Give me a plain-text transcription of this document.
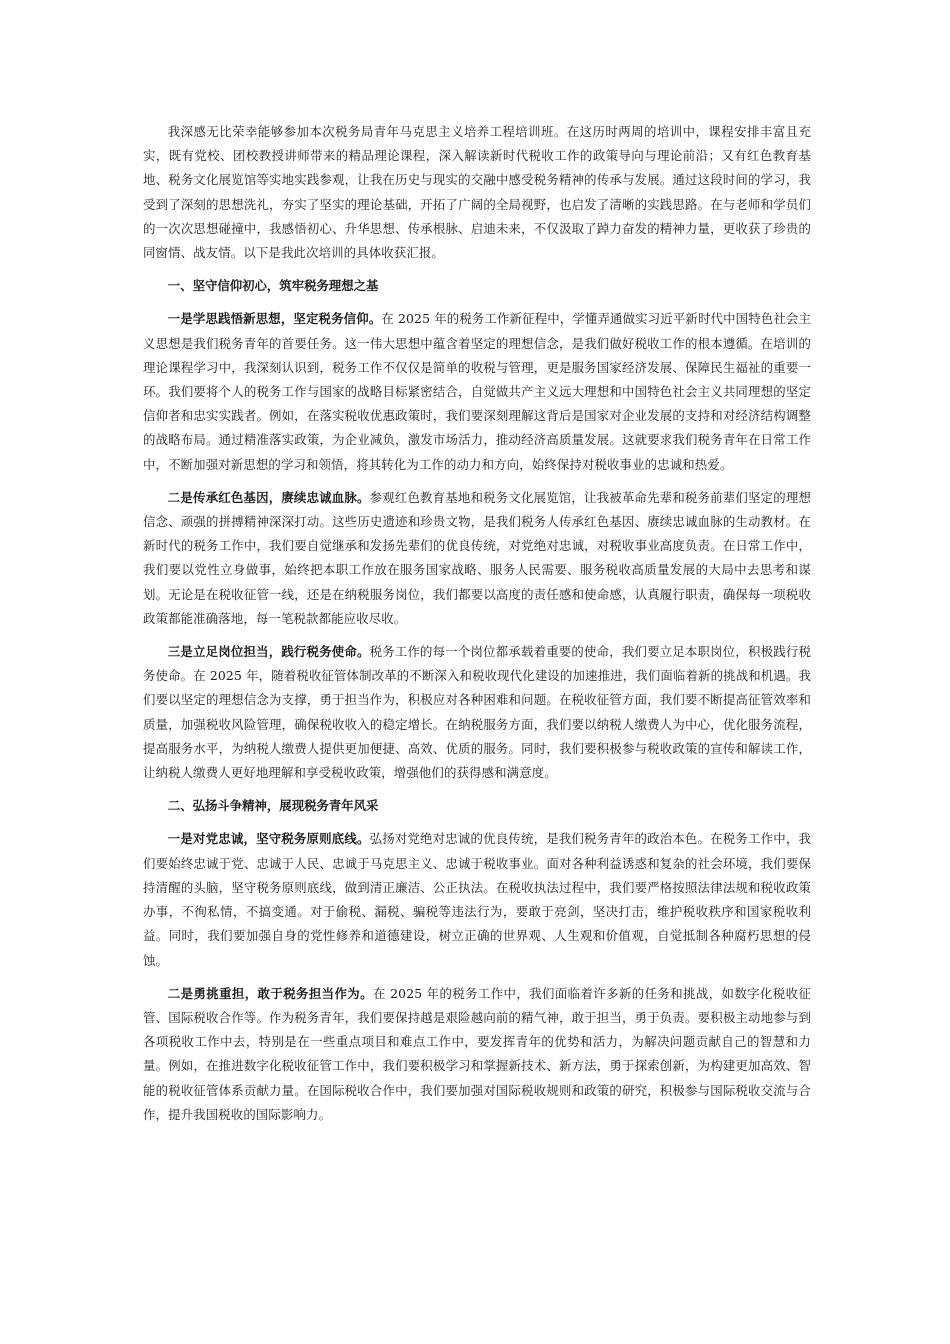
我深感无比荣幸能够参加本次税务局青年马克思主义培养工程培训班。在这历时两周的培训中，课程安排丰富且充实，既有党校、团校教授讲师带来的精品理论课程，深入解读新时代税收工作的政策导向与理论前沿；又有红色教育基地、税务文化展览馆等实地实践参观，让我在历史与现实的交融中感受税务精神的传承与发展。通过这段时间的学习，我受到了深刻的思想洗礼，夯实了坚实的理论基础，开拓了广阔的全局视野，也启发了清晰的实践思路。在与老师和学员们的一次次思想碰撞中，我感悟初心、升华思想、传承根脉、启迪未来，不仅汲取了踔力奋发的精神力量，更收获了珍贵的同窗情、战友情。以下是我此次培训的具体收获汇报。

一、坚守信仰初心，筑牢税务理想之基

一是学思践悟新思想，坚定税务信仰。在 2025 年的税务工作新征程中，学懂弄通做实习近平新时代中国特色社会主义思想是我们税务青年的首要任务。这一伟大思想中蕴含着坚定的理想信念，是我们做好税收工作的根本遵循。在培训的理论课程学习中，我深刻认识到，税务工作不仅仅是简单的收税与管理，更是服务国家经济发展、保障民生福祉的重要一环。我们要将个人的税务工作与国家的战略目标紧密结合，自觉做共产主义远大理想和中国特色社会主义共同理想的坚定信仰者和忠实实践者。例如，在落实税收优惠政策时，我们要深刻理解这背后是国家对企业发展的支持和对经济结构调整的战略布局。通过精准落实政策，为企业减负，激发市场活力，推动经济高质量发展。这就要求我们税务青年在日常工作中，不断加强对新思想的学习和领悟，将其转化为工作的动力和方向，始终保持对税收事业的忠诚和热爱。

二是传承红色基因，赓续忠诚血脉。参观红色教育基地和税务文化展览馆，让我被革命先辈和税务前辈们坚定的理想信念、顽强的拼搏精神深深打动。这些历史遗迹和珍贵文物，是我们税务人传承红色基因、赓续忠诚血脉的生动教材。在新时代的税务工作中，我们要自觉继承和发扬先辈们的优良传统，对党绝对忠诚，对税收事业高度负责。在日常工作中，我们要以党性立身做事，始终把本职工作放在服务国家战略、服务人民需要、服务税收高质量发展的大局中去思考和谋划。无论是在税收征管一线，还是在纳税服务岗位，我们都要以高度的责任感和使命感，认真履行职责，确保每一项税收政策都能准确落地，每一笔税款都能应收尽收。

三是立足岗位担当，践行税务使命。税务工作的每一个岗位都承载着重要的使命，我们要立足本职岗位，积极践行税务使命。在 2025 年，随着税收征管体制改革的不断深入和税收现代化建设的加速推进，我们面临着新的挑战和机遇。我们要以坚定的理想信念为支撑，勇于担当作为，积极应对各种困难和问题。在税收征管方面，我们要不断提高征管效率和质量，加强税收风险管理，确保税收收入的稳定增长。在纳税服务方面，我们要以纳税人缴费人为中心，优化服务流程，提高服务水平，为纳税人缴费人提供更加便捷、高效、优质的服务。同时，我们要积极参与税收政策的宣传和解读工作，让纳税人缴费人更好地理解和享受税收政策，增强他们的获得感和满意度。

二、弘扬斗争精神，展现税务青年风采

一是对党忠诚，坚守税务原则底线。弘扬对党绝对忠诚的优良传统，是我们税务青年的政治本色。在税务工作中，我们要始终忠诚于党、忠诚于人民、忠诚于马克思主义、忠诚于税收事业。面对各种利益诱惑和复杂的社会环境，我们要保持清醒的头脑，坚守税务原则底线，做到清正廉洁、公正执法。在税收执法过程中，我们要严格按照法律法规和税收政策办事，不徇私情，不搞变通。对于偷税、漏税、骗税等违法行为，要敢于亮剑，坚决打击，维护税收秩序和国家税收利益。同时，我们要加强自身的党性修养和道德建设，树立正确的世界观、人生观和价值观，自觉抵制各种腐朽思想的侵蚀。

二是勇挑重担，敢于税务担当作为。在 2025 年的税务工作中，我们面临着许多新的任务和挑战，如数字化税收征管、国际税收合作等。作为税务青年，我们要保持越是艰险越向前的精气神，敢于担当，勇于负责。要积极主动地参与到各项税收工作中去，特别是在一些重点项目和难点工作中，要发挥青年的优势和活力，为解决问题贡献自己的智慧和力量。例如，在推进数字化税收征管工作中，我们要积极学习和掌握新技术、新方法，勇于探索创新，为构建更加高效、智能的税收征管体系贡献力量。在国际税收合作中，我们要加强对国际税收规则和政策的研究，积极参与国际税收交流与合作，提升我国税收的国际影响力。
